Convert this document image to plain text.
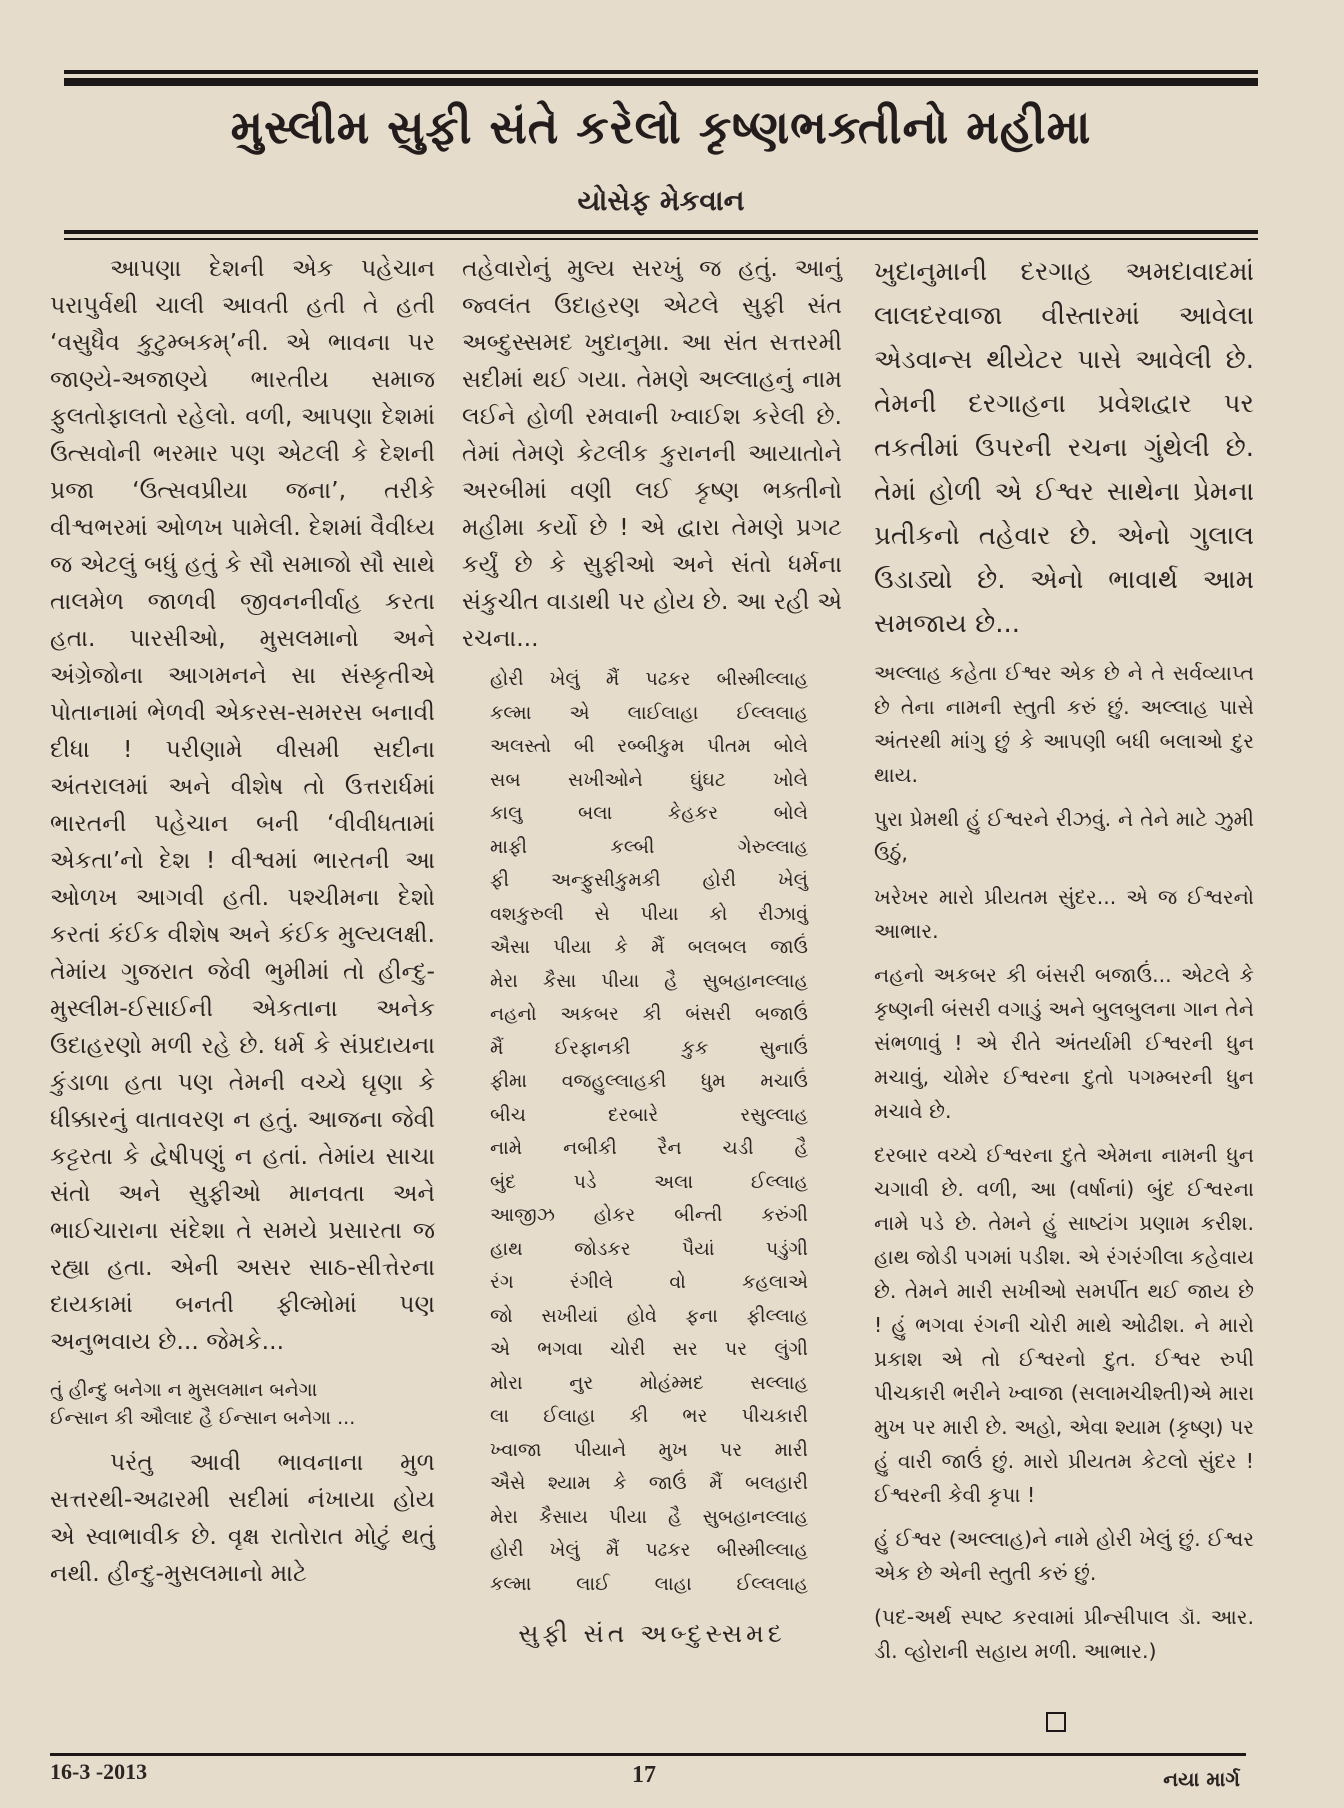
મુસ્લીમ સુફી સંતે કરેલો કૃષ્ણભક્તીનો મહીમા
યોસેફ મેકવાન

આપણા દેશની એક પહેચાન પરાપુર્વથી ચાલી આવતી હતી તે હતી ‘વસુધૈવ કુટુમ્બકમ્’ની. એ ભાવના પર જાણ્યે-અજાણ્યે ભારતીય સમાજ ફુલતોફાલતો રહેલો. વળી, આપણા દેશમાં ઉત્સવોની ભરમાર પણ એટલી કે દેશની પ્રજા ‘ઉત્સવપ્રીયા જના’, તરીકે વીશ્વભરમાં ઓળખ પામેલી. દેશમાં વૈવીધ્ય જ એટલું બધું હતું કે સૌ સમાજો સૌ સાથે તાલમેળ જાળવી જીવનનીર્વાહ કરતા હતા. પારસીઓ, મુસલમાનો અને અંગ્રેજોના આગમનને સા સંસ્કૃતીએ પોતાનામાં ભેળવી એકરસ-સમરસ બનાવી દીધા ! પરીણામે વીસમી સદીના અંતરાલમાં અને વીશેષ તો ઉત્તરાર્ધમાં ભારતની પહેચાન બની ‘વીવીધતામાં એકતા’નો દેશ ! વીશ્વમાં ભારતની આ ઓળખ આગવી હતી. પશ્ચીમના દેશો કરતાં કંઈક વીશેષ અને કંઈક મુલ્યલક્ષી. તેમાંય ગુજરાત જેવી ભુમીમાં તો હીન્દુ-મુસ્લીમ-ઈસાઈની એકતાના અનેક ઉદાહરણો મળી રહે છે. ધર્મ કે સંપ્રદાયના કુંડાળા હતા પણ તેમની વચ્ચે ઘૃણા કે ધીક્કારનું વાતાવરણ ન હતું. આજના જેવી કટ્ટરતા કે દ્વેષીપણું ન હતાં. તેમાંય સાચા સંતો અને સુફીઓ માનવતા અને ભાઈચારાના સંદેશા તે સમયે પ્રસારતા જ રહ્યા હતા. એની અસર સાઠ-સીત્તેરના દાયકામાં બનતી ફીલ્મોમાં પણ અનુભવાય છે... જેમકે...

તું હીન્દુ બનેગા ન મુસલમાન બનેગા
ઈન્સાન કી ઔલાદ હૈ ઈન્સાન બનેગા ...

પરંતુ આવી ભાવનાના મુળ સત્તરથી-અઢારમી સદીમાં નંખાયા હોય એ સ્વાભાવીક છે. વૃક્ષ રાતોરાત મોટું થતું નથી. હીન્દુ-મુસલમાનો માટે

તહેવારોનું મુલ્ય સરખું જ હતું. આનું જ્વલંત ઉદાહરણ એટલે સુફી સંત અબ્દુસ્સમદ ખુદાનુમા. આ સંત સત્તરમી સદીમાં થઈ ગયા. તેમણે અલ્લાહનું નામ લઈને હોળી રમવાની ખ્વાઈશ કરેલી છે. તેમાં તેમણે કેટલીક કુરાનની આયાતોને અરબીમાં વણી લઈ કૃષ્ણ ભક્તીનો મહીમા કર્યો છે ! એ દ્વારા તેમણે પ્રગટ કર્યું છે કે સુફીઓ અને સંતો ધર્મના સંકુચીત વાડાથી પર હોય છે. આ રહી એ રચના...

હોરી ખેલું મૈં પઢકર બીસ્મીલ્લાહ
કલ્મા એ લાઈલાહા ઈલ્લલાહ
અલસ્તો બી રબ્બીકુમ પીતમ બોલે
સબ સખીઓને ઘુંઘટ ખોલે
કાલુ બલા કેહકર બોલે
માફી કલ્બી ગેરુલ્લાહ
ફી અન્ફુસીકુમકી હોરી ખેલું
વશકુરુલી સે પીયા કો રીઝાવું
ઐસા પીયા કે મૈં બલબલ જાઉં
મેરા કૈસા પીયા હૈ સુબહાનલ્લાહ
નહનો અકબર કી બંસરી બજાઉં
મૈં ઈરફાનકી કુક સુનાઉં
ફીમા વજહુલ્લાહકી ધુમ મચાઉં
બીચ દરબારે રસુલ્લાહ
નામે નબીકી રૈન ચડી હૈ
બુંદ પડે અલા ઈલ્લાહ
આજીઝ હોકર બીન્તી કરુંગી
હાથ જોડકર પૈયાં પડુંગી
રંગ રંગીલે વો કહલાએ
જો સખીયાં હોવે ફના ફીલ્લાહ
એ ભગવા ચોરી સર પર લુંગી
મોરા નુર મોહંમ્મદ સલ્લાહ
લા ઈલાહા કી ભર પીચકારી
ખ્વાજા પીયાને મુખ પર મારી
ઐસે શ્યામ કે જાઉં મૈં બલહારી
મેરા કૈસાય પીયા હૈ સુબહાનલ્લાહ
હોરી ખેલું મૈં પઢકર બીસ્મીલ્લાહ
કલ્મા લાઈ લાહા ઈલ્લલાહ
સુફી સંત અબ્દુસ્સમદ

ખુદાનુમાની દરગાહ અમદાવાદમાં લાલદરવાજા વીસ્તારમાં આવેલા એડવાન્સ થીયેટર પાસે આવેલી છે. તેમની દરગાહના પ્રવેશદ્વાર પર તકતીમાં ઉપરની રચના ગુંથેલી છે. તેમાં હોળી એ ઈશ્વર સાથેના પ્રેમના પ્રતીકનો તહેવાર છે. એનો ગુલાલ ઉડાડ્યો છે. એનો ભાવાર્થ આમ સમજાય છે...

અલ્લાહ કહેતા ઈશ્વર એક છે ને તે સર્વવ્યાપ્ત છે તેના નામની સ્તુતી કરું છું. અલ્લાહ પાસે અંતરથી માંગુ છું કે આપણી બધી બલાઓ દુર થાય.

પુરા પ્રેમથી હું ઈશ્વરને રીઝવું. ને તેને માટે ઝુમી ઉઠું,

ખરેખર મારો પ્રીયતમ સુંદર... એ જ ઈશ્વરનો આભાર.

નહનો અકબર કી બંસરી બજાઉં... એટલે કે કૃષ્ણની બંસરી વગાડું અને બુલબુલના ગાન તેને સંભળાવું ! એ રીતે અંતર્યામી ઈશ્વરની ધુન મચાવું, ચોમેર ઈશ્વરના દુતો પગમ્બરની ધુન મચાવે છે.

દરબાર વચ્ચે ઈશ્વરના દુતે એમના નામની ધુન ચગાવી છે. વળી, આ (વર્ષાનાં) બુંદ ઈશ્વરના નામે પડે છે. તેમને હું સાષ્ટાંગ પ્રણામ કરીશ. હાથ જોડી પગમાં પડીશ. એ રંગરંગીલા કહેવાય છે. તેમને મારી સખીઓ સમર્પીત થઈ જાય છે ! હું ભગવા રંગની ચોરી માથે ઓઢીશ. ને મારો પ્રકાશ એ તો ઈશ્વરનો દુત. ઈશ્વર રુપી પીચકારી ભરીને ખ્વાજા (સલામચીશ્તી)એ મારા મુખ પર મારી છે. અહો, એવા શ્યામ (કૃષ્ણ) પર હું વારી જાઉં છું. મારો પ્રીયતમ કેટલો સુંદર ! ઈશ્વરની કેવી કૃપા !

હું ઈશ્વર (અલ્લાહ)ને નામે હોરી ખેલું છું. ઈશ્વર એક છે એની સ્તુતી કરું છું.

(પદ-અર્થ સ્પષ્ટ કરવામાં પ્રીન્સીપાલ ડૉ. આર. ડી. વ્હોરાની સહાય મળી. આભાર.)

16-3 -2013	17	નયા માર્ગ
